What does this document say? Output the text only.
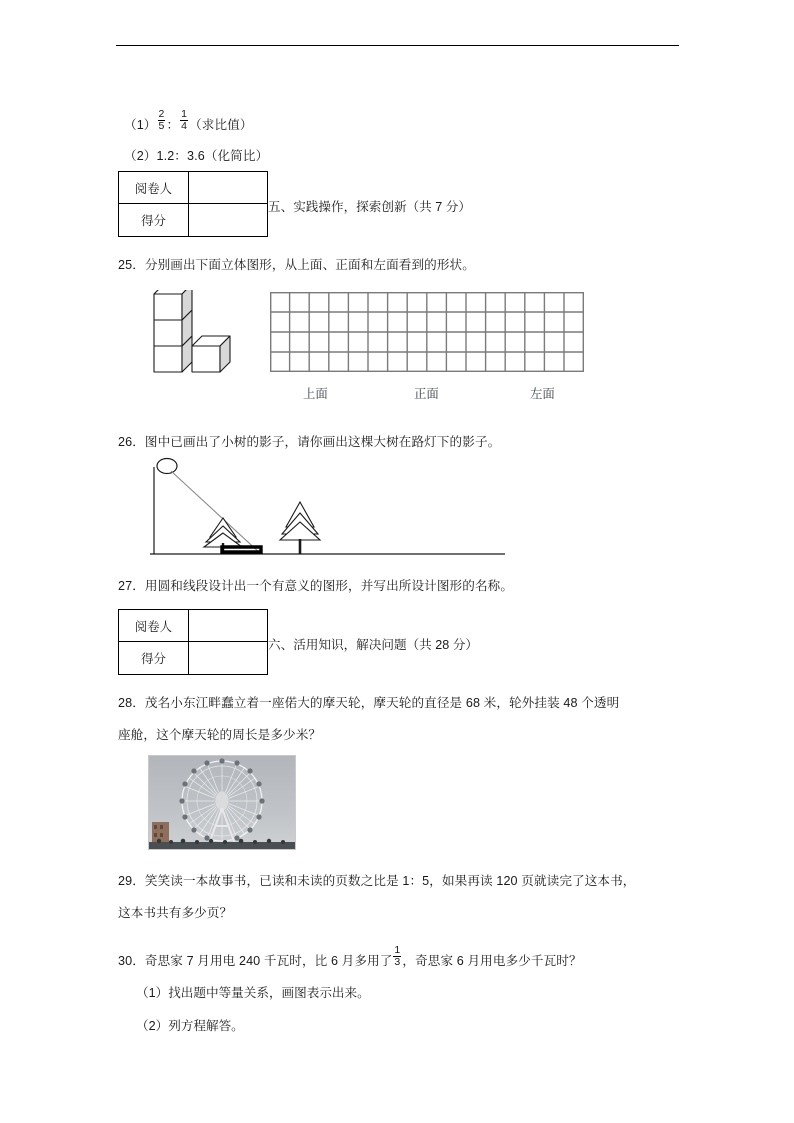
$(1) \frac{2}{5}$ ： $\frac{1}{4}$ （求比值）
（2）1.2：3.6（化简比）
阅卷人
得分
五、实践操作，探索创新（共 7 分）
25．分别画出下面立体图形，从上面、正面和左面看到的形状。
上面	正面	左面
26．图中已画出了小树的影子，请你画出这棵大树在路灯下的影子。
27．用圆和线段设计出一个有意义的图形，并写出所设计图形的名称。
阅卷人
得分
六、活用知识，解决问题（共 28 分）
28．茂名小东江畔蠢立着一座偌大的摩天轮，摩天轮的直径是 68 米，轮外挂装 48 个透明
座舱，这个摩天轮的周长是多少米？
29．笑笑读一本故事书，已读和未读的页数之比是 1：5，如果再读 120 页就读完了这本书，
这本书共有多少页？
30．奇思家 7 月用电 240 千瓦时，比 6 月多用了 $\frac{1}{3}$ ，奇思家 6 月用电多少千瓦时？
（1）找出题中等量关系，画图表示出来。
（2）列方程解答。
